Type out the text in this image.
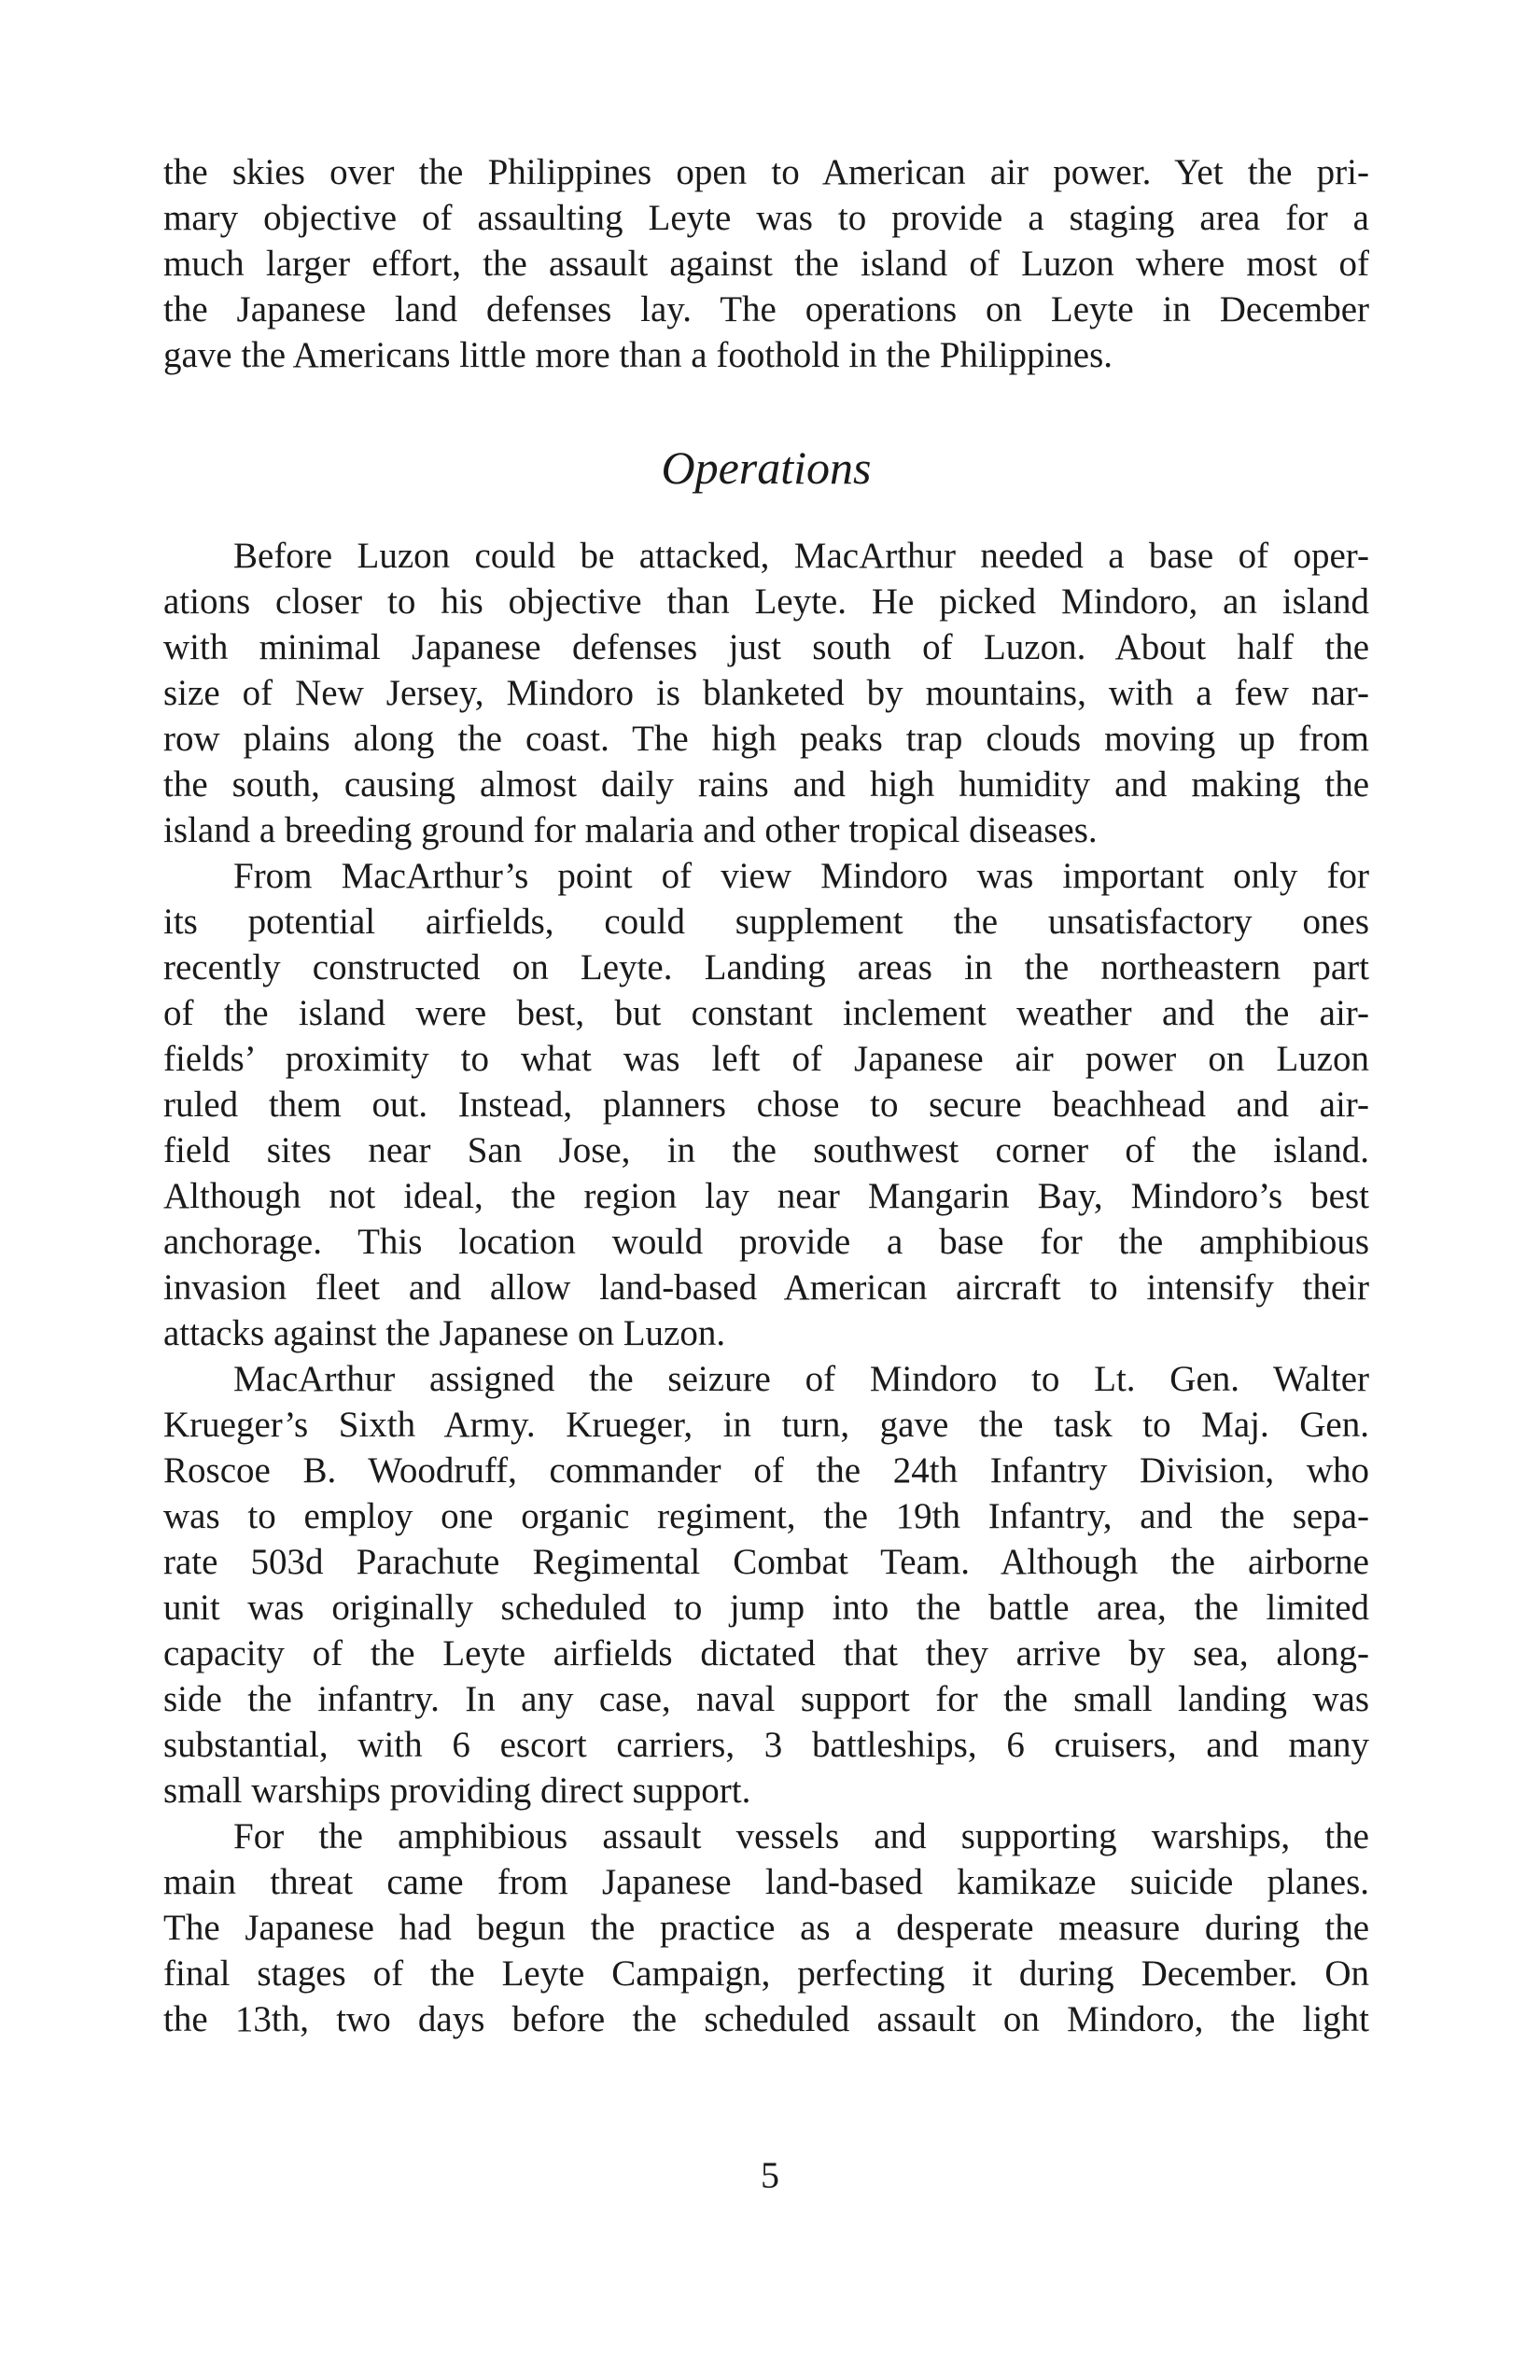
the skies over the Philippines open to American air power. Yet the pri-
mary objective of assaulting Leyte was to provide a staging area for a
much larger effort, the assault against the island of Luzon where most of
the Japanese land defenses lay. The operations on Leyte in December
gave the Americans little more than a foothold in the Philippines.
Operations
Before Luzon could be attacked, MacArthur needed a base of oper-
ations closer to his objective than Leyte. He picked Mindoro, an island
with minimal Japanese defenses just south of Luzon. About half the
size of New Jersey, Mindoro is blanketed by mountains, with a few nar-
row plains along the coast. The high peaks trap clouds moving up from
the south, causing almost daily rains and high humidity and making the
island a breeding ground for malaria and other tropical diseases.
From MacArthur’s point of view Mindoro was important only for
its potential airfields, could supplement the unsatisfactory ones
recently constructed on Leyte. Landing areas in the northeastern part
of the island were best, but constant inclement weather and the air-
fields’ proximity to what was left of Japanese air power on Luzon
ruled them out. Instead, planners chose to secure beachhead and air-
field sites near San Jose, in the southwest corner of the island.
Although not ideal, the region lay near Mangarin Bay, Mindoro’s best
anchorage. This location would provide a base for the amphibious
invasion fleet and allow land-based American aircraft to intensify their
attacks against the Japanese on Luzon.
MacArthur assigned the seizure of Mindoro to Lt. Gen. Walter
Krueger’s Sixth Army. Krueger, in turn, gave the task to Maj. Gen.
Roscoe B. Woodruff, commander of the 24th Infantry Division, who
was to employ one organic regiment, the 19th Infantry, and the sepa-
rate 503d Parachute Regimental Combat Team. Although the airborne
unit was originally scheduled to jump into the battle area, the limited
capacity of the Leyte airfields dictated that they arrive by sea, along-
side the infantry. In any case, naval support for the small landing was
substantial, with 6 escort carriers, 3 battleships, 6 cruisers, and many
small warships providing direct support.
For the amphibious assault vessels and supporting warships, the
main threat came from Japanese land-based kamikaze suicide planes.
The Japanese had begun the practice as a desperate measure during the
final stages of the Leyte Campaign, perfecting it during December. On
the 13th, two days before the scheduled assault on Mindoro, the light
5
